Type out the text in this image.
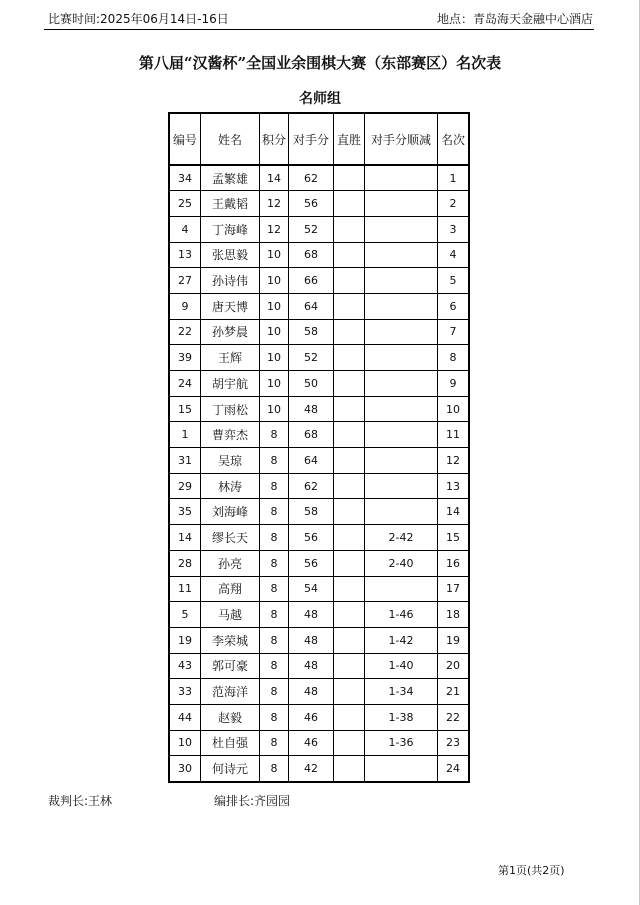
比赛时间:2025年06月14日-16日	地点：青岛海天金融中心酒店
第八届“汉酱杯”全国业余围棋大赛（东部赛区）名次表
名师组
编号	姓名	积分	对手分	直胜	对手分顺减	名次
34	孟繁雄	14	62			1
25	王戴韬	12	56			2
4	丁海峰	12	52			3
13	张思毅	10	68			4
27	孙诗伟	10	66			5
9	唐天博	10	64			6
22	孙梦晨	10	58			7
39	王辉	10	52			8
24	胡宇航	10	50			9
15	丁雨松	10	48			10
1	曹弈杰	8	68			11
31	吴琼	8	64			12
29	林涛	8	62			13
35	刘海峰	8	58			14
14	缪长天	8	56		2-42	15
28	孙亮	8	56		2-40	16
11	高翔	8	54			17
5	马越	8	48		1-46	18
19	李荣城	8	48		1-42	19
43	郭可豪	8	48		1-40	20
33	范海洋	8	48		1-34	21
44	赵毅	8	46		1-38	22
10	杜自强	8	46		1-36	23
30	何诗元	8	42			24
裁判长:王林	编排长:齐园园
第1页(共2页)
